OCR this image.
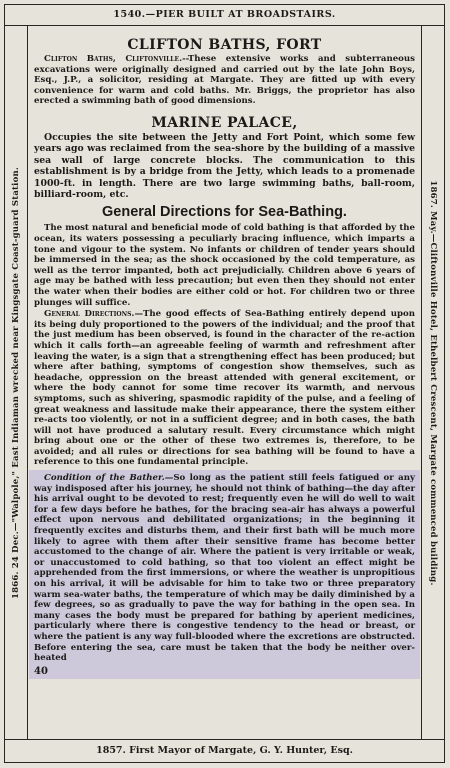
1540.—PIER BUILT AT BROADSTAIRS.
1866. 24 Dec.—"Walpole," East Indiaman wrecked near Kingsgate Coast-guard Station.	1867. May.—Cliftonville Hotel, Ethelbert Crescent, Margate commenced building.
CLIFTON BATHS, FORT

Clifton Baths, Cliftonville.--These extensive works and subterraneous excavations were originally designed and carried out by the late John Boys, Esq., J.P., a solicitor, residing at Margate. They are fitted up with every convenience for warm and cold baths. Mr. Briggs, the proprietor has also erected a swimming bath of good dimensions.

MARINE PALACE,

Occupies the site between the Jetty and Fort Point, which some few years ago was reclaimed from the sea-shore by the building of a massive sea wall of large concrete blocks. The communication to this establishment is by a bridge from the Jetty, which leads to a promenade 1000-ft. in length. There are two large swimming baths, ball-room, billiard-room, etc.

General Directions for Sea-Bathing.

The most natural and beneficial mode of cold bathing is that afforded by the ocean, its waters possessing a peculiarly bracing influence, which imparts a tone and vigour to the system. No infants or children of tender years should be immersed in the sea; as the shock occasioned by the cold temperature, as well as the terror impanted, both act prejudicially. Children above 6 years of age may be bathed with less precaution; but even then they should not enter the water when their bodies are either cold or hot. For children two or three plunges will suffice.

General Directions.—The good effects of Sea-Bathing entirely depend upon its being duly proportioned to the powers of the individual; and the proof that the just medium has been observed, is found in the character of the re-action which it calls forth—an agreeable feeling of warmth and refreshment after leaving the water, is a sign that a strengthening effect has been produced; but where after bathing, symptoms of congestion show themselves, such as headache, oppression on the breast attended with general excitement, or where the body cannot for some time recover its warmth, and nervous symptoms, such as shivering, spasmodic rapidity of the pulse, and a feeling of great weakness and lassitude make their appearance, there the system either re-acts too violently, or not in a sufficient degree; and in both cases, the bath will not have produced a salutary result. Every circumstance which might bring about one or the other of these two extremes is, therefore, to be avoided; and all rules or directions for sea bathing will be found to have a reference to this one fundamental principle.

Condition of the Bather.—So long as the patient still feels fatigued or any way indisposed after his journey, he should not think of bathing—the day after his arrival ought to be devoted to rest; frequently even he will do well to wait for a few days before he bathes, for the bracing sea-air has always a powerful effect upon nervous and debilitated organizations; in the beginning it frequently excites and disturbs them, and their first bath will be much more likely to agree with them after their sensitive frame has become better accustomed to the change of air. Where the patient is very irritable or weak, or unaccustomed to cold bathing, so that too violent an effect might be apprehended from the first immersions, or where the weather is unpropitious on his arrival, it will be advisable for him to take two or three preparatory warm sea-water baths, the temperature of which may be daily diminished by a few degrees, so as gradually to pave the way for bathing in the open sea. In many cases the body must be prepared for bathing by aperient medicines, particularly where there is congestive tendency to the head or breast, or where the patient is any way full-blooded where the excretions are obstructed. Before entering the sea, care must be taken that the body be neither over-heated

40
1857. First Mayor of Margate, G. Y. Hunter, Esq.
